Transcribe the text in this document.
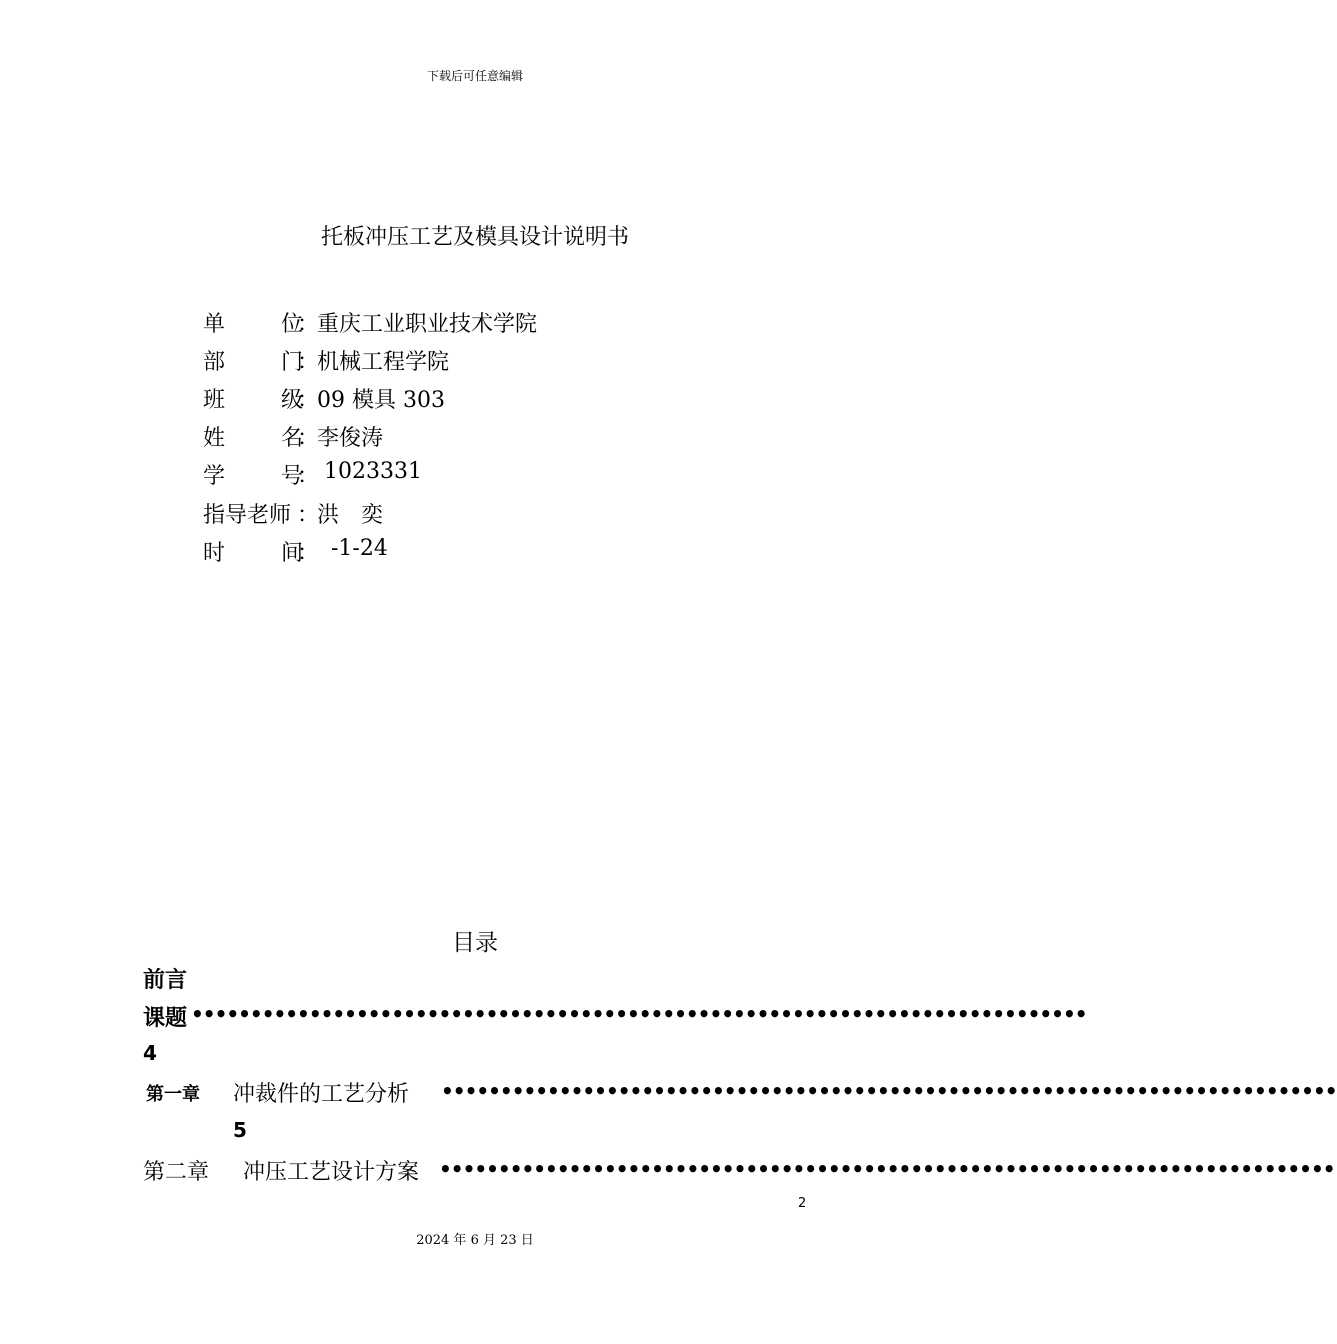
下载后可任意编辑
托板冲压工艺及模具设计说明书
单	位
：
重庆工业职业技术学院
部	门
：
机械工程学院
班	级
：
09 模具 303
姓	名
：
李俊涛
学	号
：
1023331
指导老师 ：
洪　奕
时	间
：
-1-24
目录
前言
课题 ••••••••••••••••••••••••••••••••••••••••••••••••••••••••••••••••••••••••••••
4
第一章 冲裁件的工艺分析 ••••••••••••••••••••••••••••••••••••••••••••••••••••••••••••••••••••••••••••
5
第二章 冲压工艺设计方案 ••••••••••••••••••••••••••••••••••••••••••••••••••••••••••••••••••••••••••••
2
2024 年 6 月 23 日
